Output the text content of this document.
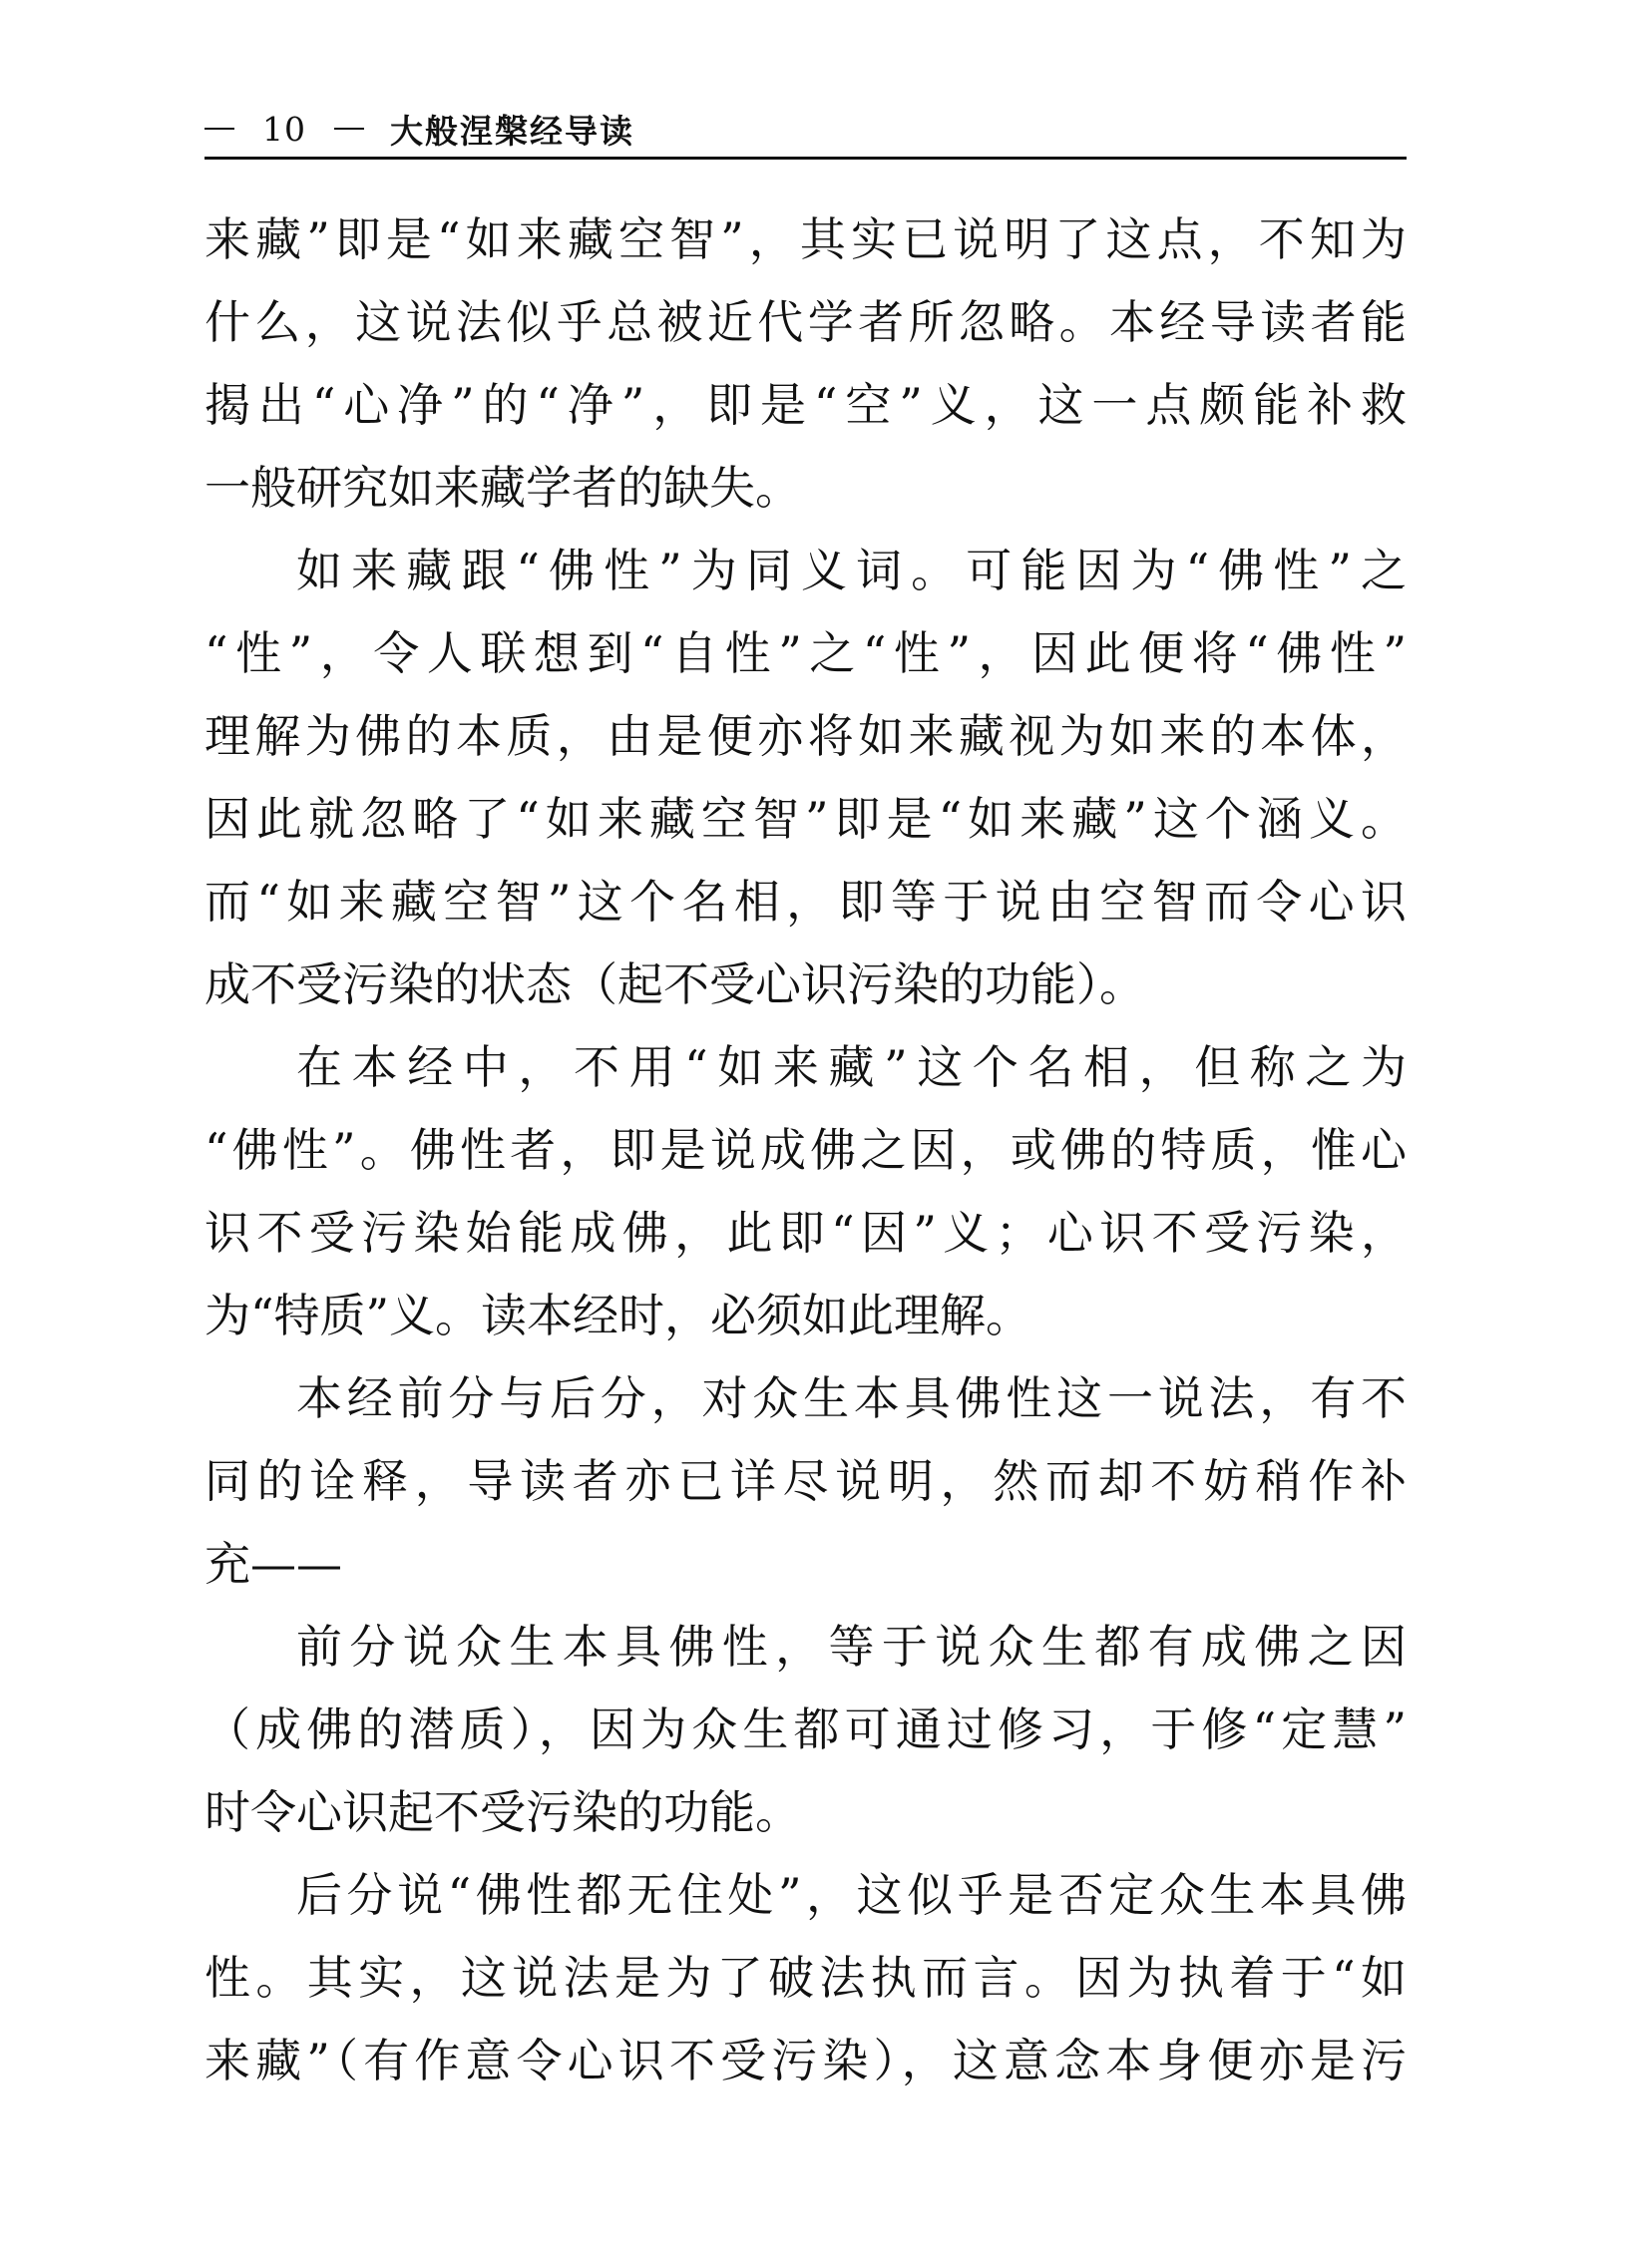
10	大般涅槃经导读
来藏”即是“如来藏空智”，其实已说明了这点，不知为
什么，这说法似乎总被近代学者所忽略。本经导读者能
揭出“心净”的“净”，即是“空”义，这一点颇能补救
一般研究如来藏学者的缺失。
如来藏跟“佛性”为同义词。可能因为“佛性”之
“性”，令人联想到“自性”之“性”，因此便将“佛性”
理解为佛的本质，由是便亦将如来藏视为如来的本体，
因此就忽略了“如来藏空智”即是“如来藏”这个涵义。
而“如来藏空智”这个名相，即等于说由空智而令心识
成不受污染的状态（起不受心识污染的功能）。
在本经中，不用“如来藏”这个名相，但称之为
“佛性”。佛性者，即是说成佛之因，或佛的特质，惟心
识不受污染始能成佛，此即“因”义；心识不受污染，
为“特质”义。读本经时，必须如此理解。
本经前分与后分，对众生本具佛性这一说法，有不
同的诠释，导读者亦已详尽说明，然而却不妨稍作补
充——
前分说众生本具佛性，等于说众生都有成佛之因
（成佛的潜质），因为众生都可通过修习，于修“定慧”
时令心识起不受污染的功能。
后分说“佛性都无住处”，这似乎是否定众生本具佛
性。其实，这说法是为了破法执而言。因为执着于“如
来藏”（有作意令心识不受污染），这意念本身便亦是污
